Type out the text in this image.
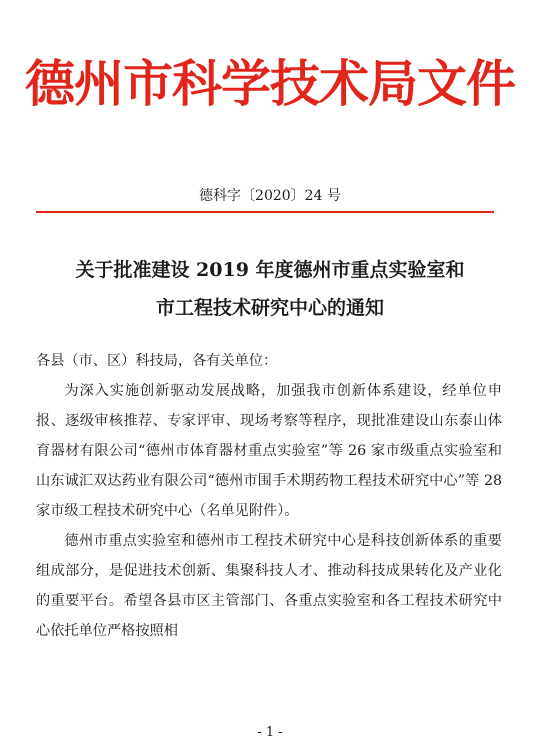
德州市科学技术局文件
德科字〔2020〕24 号
关于批准建设 2019 年度德州市重点实验室和
市工程技术研究中心的通知

各县（市、区）科技局，各有关单位：

为深入实施创新驱动发展战略，加强我市创新体系建设，经单位申报、逐级审核推荐、专家评审、现场考察等程序，现批准建设山东泰山体育器材有限公司“德州市体育器材重点实验室”等 26 家市级重点实验室和山东诚汇双达药业有限公司“德州市围手术期药物工程技术研究中心”等 28 家市级工程技术研究中心（名单见附件）。

德州市重点实验室和德州市工程技术研究中心是科技创新体系的重要组成部分，是促进技术创新、集聚科技人才、推动科技成果转化及产业化的重要平台。希望各县市区主管部门、各重点实验室和各工程技术研究中心依托单位严格按照相

- 1 -
